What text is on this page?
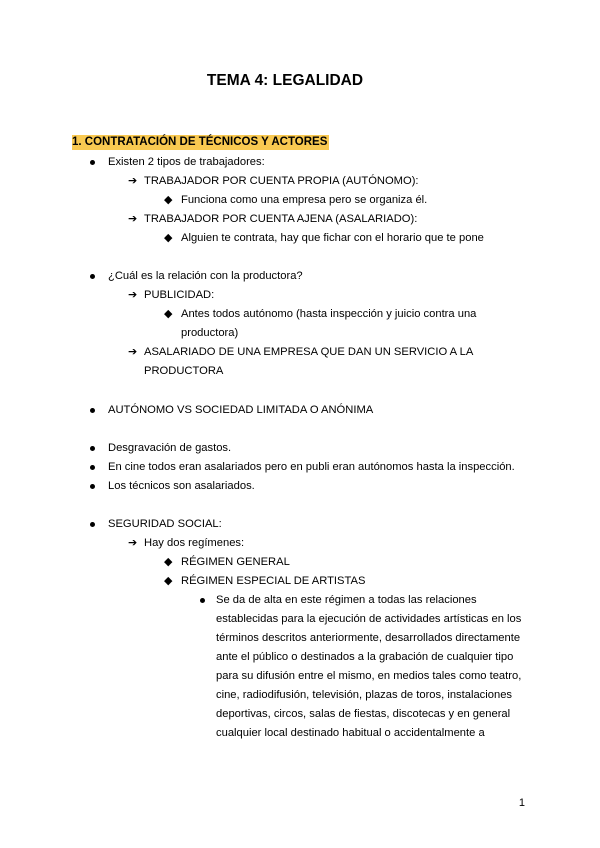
TEMA 4: LEGALIDAD
1. CONTRATACIÓN DE TÉCNICOS Y ACTORES
Existen 2 tipos de trabajadores:
➔ TRABAJADOR POR CUENTA PROPIA (AUTÓNOMO):
◆ Funciona como una empresa pero se organiza él.
➔ TRABAJADOR POR CUENTA AJENA (ASALARIADO):
◆ Alguien te contrata, hay que fichar con el horario que te pone
¿Cuál es la relación con la productora?
➔ PUBLICIDAD:
◆ Antes todos autónomo (hasta inspección y juicio contra una
productora)
➔ ASALARIADO DE UNA EMPRESA QUE DAN UN SERVICIO A LA
PRODUCTORA
AUTÓNOMO VS SOCIEDAD LIMITADA O ANÓNIMA
Desgravación de gastos.
En cine todos eran asalariados pero en publi eran autónomos hasta la inspección.
Los técnicos son asalariados.
SEGURIDAD SOCIAL:
➔ Hay dos regímenes:
◆ RÉGIMEN GENERAL
◆ RÉGIMEN ESPECIAL DE ARTISTAS
Se da de alta en este régimen a todas las relaciones
establecidas para la ejecución de actividades artísticas en los
términos descritos anteriormente, desarrollados directamente
ante el público o destinados a la grabación de cualquier tipo
para su difusión entre el mismo, en medios tales como teatro,
cine, radiodifusión, televisión, plazas de toros, instalaciones
deportivas, circos, salas de fiestas, discotecas y en general
cualquier local destinado habitual o accidentalmente a
1
